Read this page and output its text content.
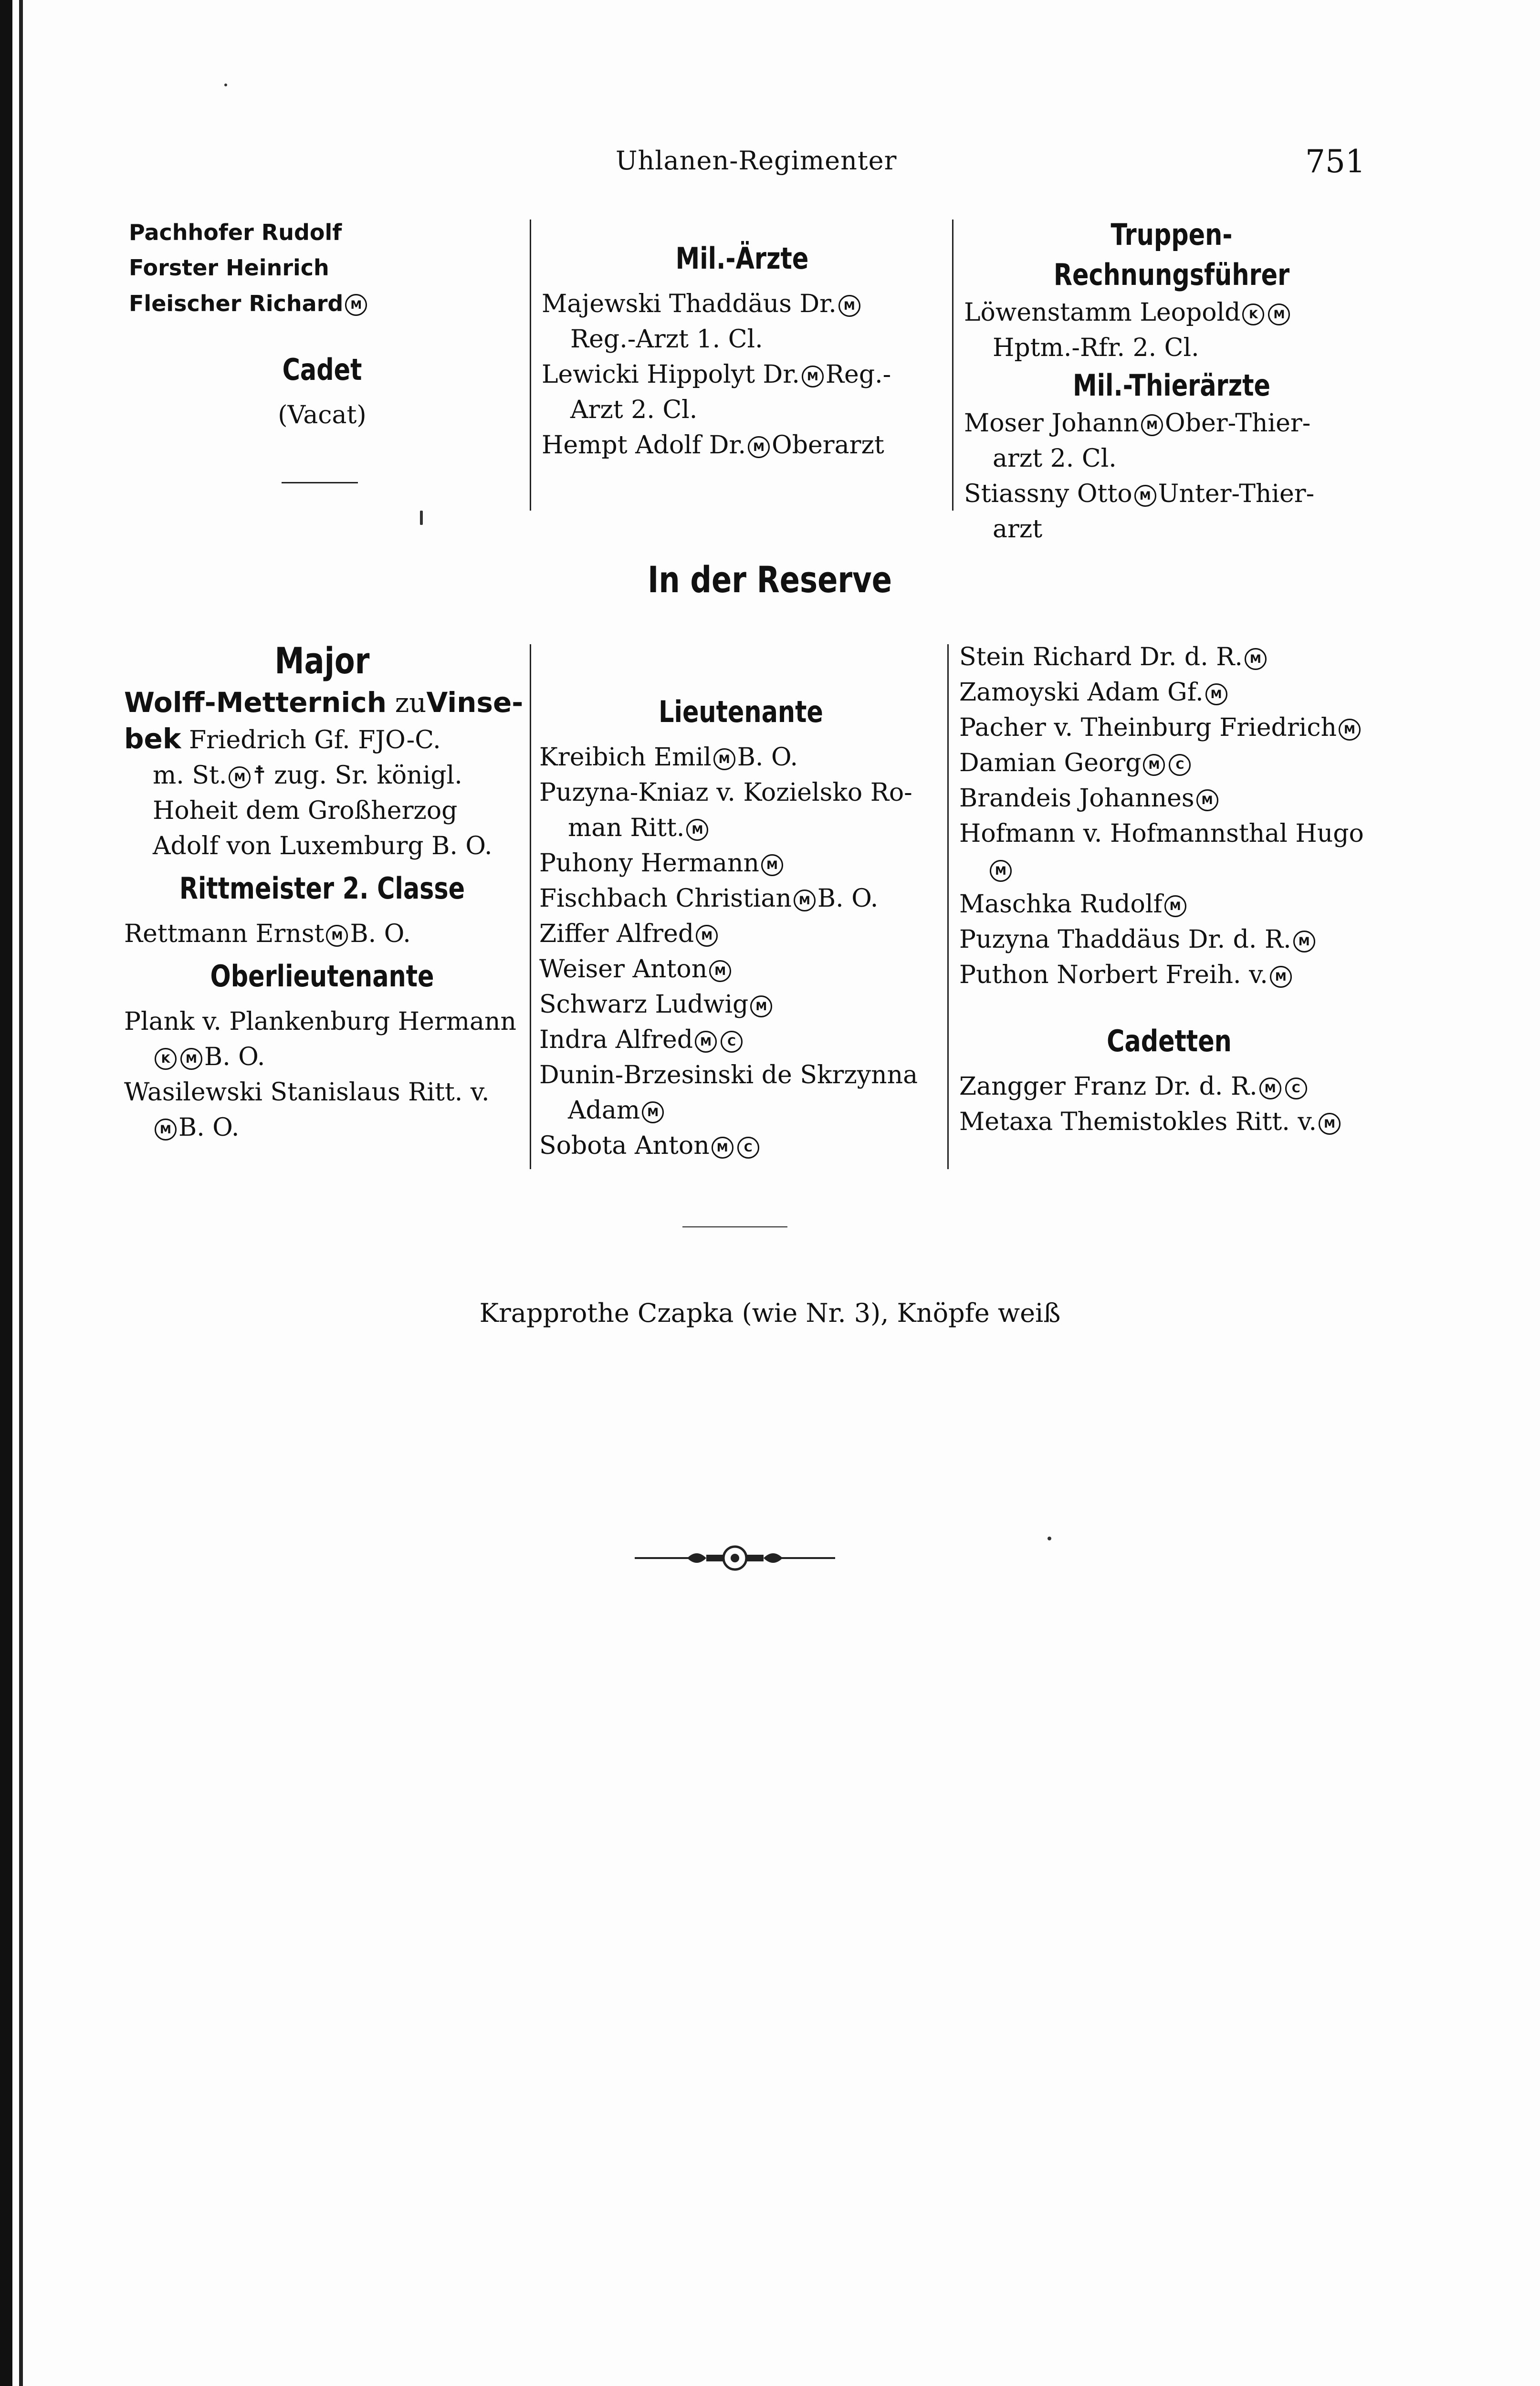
Uhlanen-Regimenter	751
Pachhofer Rudolf
Forster Heinrich
Fleischer Richard M
Cadet
(Vacat)
Mil.-Ärzte
Majewski Thaddäus Dr. M
Reg.-Arzt 1. Cl.
Lewicki Hippolyt Dr. M Reg.-
Arzt 2. Cl.
Hempt Adolf Dr. M Oberarzt
Truppen-Rechnungsführer
Löwenstamm Leopold K M
Hptm.-Rfr. 2. Cl.
Mil.-Thierärzte
Moser Johann M Ober-Thier-
arzt 2. Cl.
Stiassny Otto M Unter-Thier-
arzt
In der Reserve
Major
Wolff-Metternich zuVinse-
bek Friedrich Gf. FJO-C.
m. St. M ☨ zug. Sr. königl.
Hoheit dem Großherzog
Adolf von Luxemburg B. O.
Rittmeister 2. Classe
Rettmann Ernst M B. O.
Oberlieutenante
Plank v. Plankenburg Hermann
K M B. O.
Wasilewski Stanislaus Ritt. v.
M B. O.
Lieutenante
Kreibich Emil M B. O.
Puzyna-Kniaz v. Kozielsko Ro-
man Ritt. M
Puhony Hermann M
Fischbach Christian M B. O.
Ziffer Alfred M
Weiser Anton M
Schwarz Ludwig M
Indra Alfred M C
Dunin-Brzesinski de Skrzynna
Adam M
Sobota Anton M C
Stein Richard Dr. d. R. M
Zamoyski Adam Gf. M
Pacher v. Theinburg Friedrich M
Damian Georg M C
Brandeis Johannes M
Hofmann v. Hofmannsthal Hugo
M
Maschka Rudolf M
Puzyna Thaddäus Dr. d. R. M
Puthon Norbert Freih. v. M
Cadetten
Zangger Franz Dr. d. R. M C
Metaxa Themistokles Ritt. v. M
Krapprothe Czapka (wie Nr. 3), Knöpfe weiß
